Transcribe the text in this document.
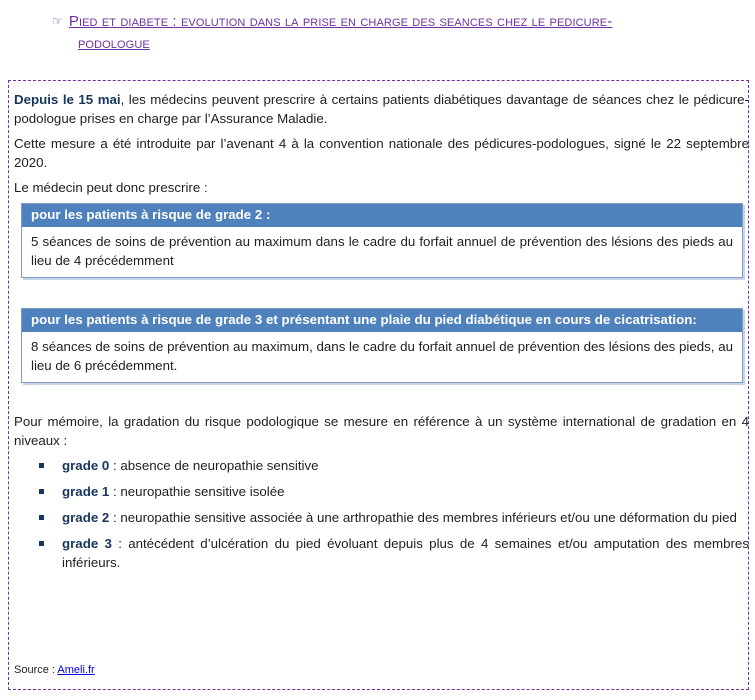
☞ Pied et diabete : evolution dans la prise en charge des seances chez le pedicure-
podologue

Depuis le 15 mai, les médecins peuvent prescrire à certains patients diabétiques davantage de séances chez le pédicure-podologue prises en charge par l’Assurance Maladie.

Cette mesure a été introduite par l’avenant 4 à la convention nationale des pédicures-podologues, signé le 22 septembre 2020.

Le médecin peut donc prescrire :

pour les patients à risque de grade 2 :
5 séances de soins de prévention au maximum dans le cadre du forfait annuel de prévention des lésions des pieds au lieu de 4 précédemment
pour les patients à risque de grade 3 et présentant une plaie du pied diabétique en cours de cicatrisation:
8 séances de soins de prévention au maximum, dans le cadre du forfait annuel de prévention des lésions des pieds, au lieu de 6 précédemment.

Pour mémoire, la gradation du risque podologique se mesure en référence à un système international de gradation en 4 niveaux :

grade 0 : absence de neuropathie sensitive
grade 1 : neuropathie sensitive isolée
grade 2 : neuropathie sensitive associée à une arthropathie des membres inférieurs et/ou une déformation du pied
grade 3 : antécédent d’ulcération du pied évoluant depuis plus de 4 semaines et/ou amputation des membres inférieurs.
Source : Ameli.fr
